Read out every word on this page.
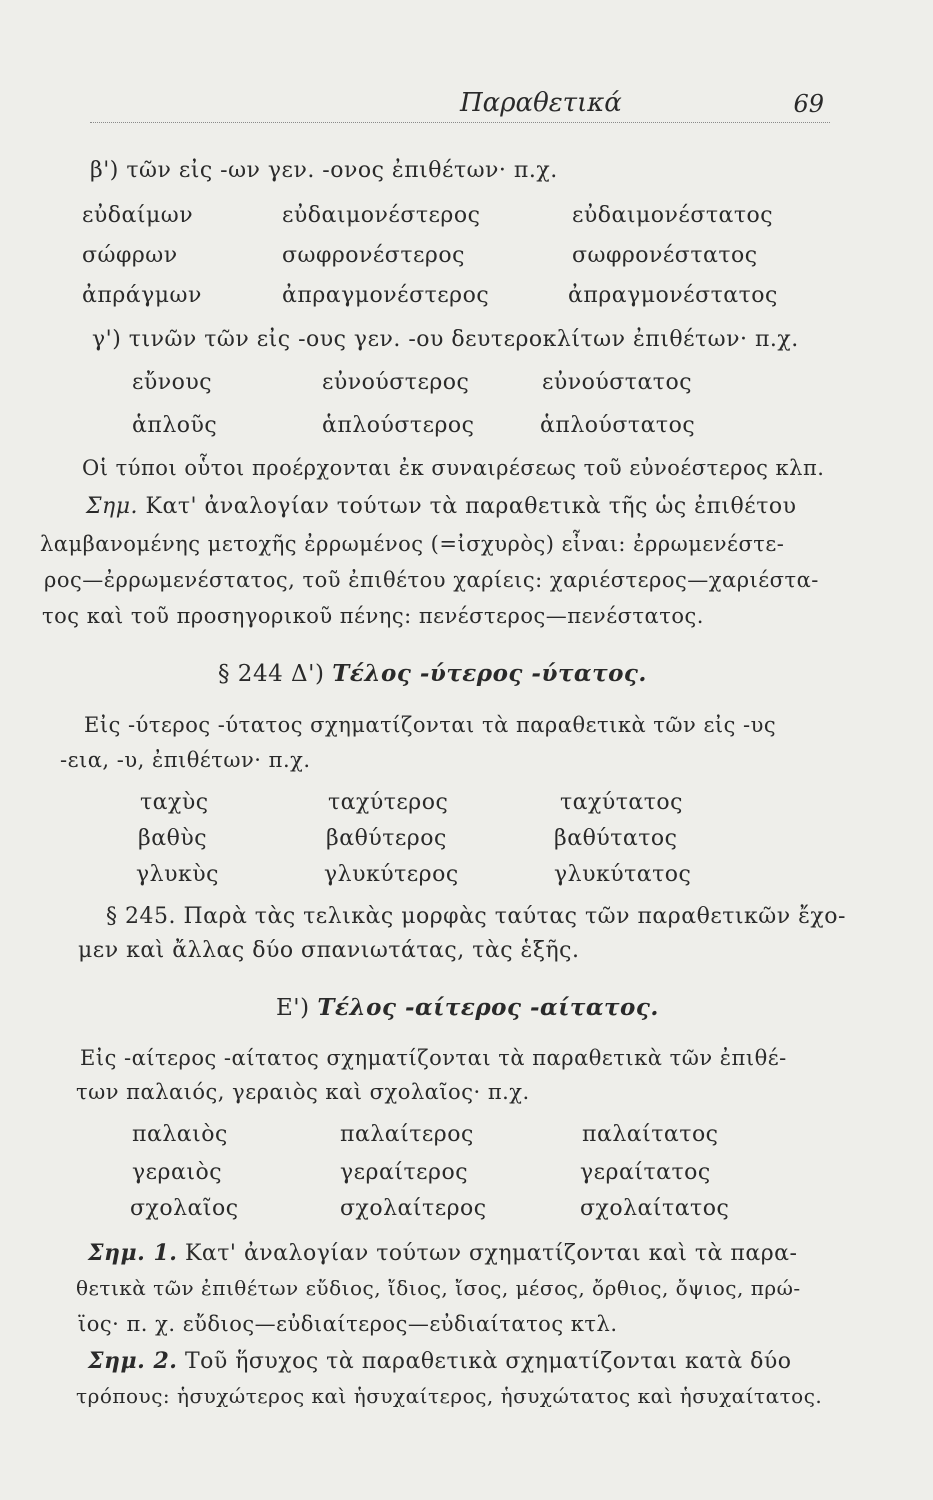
Παραθετικά	69
β') τῶν εἰς -ων γεν. -ονος ἐπιθέτων· π.χ.
εὐδαίμων	εὐδαιμονέστερος	εὐδαιμονέστατος
σώφρων	σωφρονέστερος	σωφρονέστατος
ἀπράγμων	ἀπραγμονέστερος	ἀπραγμονέστατος
γ') τινῶν τῶν εἰς -ους γεν. -ου δευτεροκλίτων ἐπιθέτων· π.χ.
εὔνους	εὐνούστερος	εὐνούστατος
ἁπλοῦς	ἁπλούστερος	ἁπλούστατος
Οἱ τύποι οὗτοι προέρχονται ἐκ συναιρέσεως τοῦ εὐνοέστερος κλπ.
Σημ. Κατ' ἀναλογίαν τούτων τὰ παραθετικὰ τῆς ὡς ἐπιθέτου
λαμβανομένης μετοχῆς ἐρρωμένος (=ἰσχυρὸς) εἶναι: ἐρρωμενέστε-
ρος—ἐρρωμενέστατος, τοῦ ἐπιθέτου χαρίεις: χαριέστερος—χαριέστα-
τος καὶ τοῦ προσηγορικοῦ πένης: πενέστερος—πενέστατος.
§ 244 Δ') Τέλος -ύτερος -ύτατος.
Εἰς -ύτερος -ύτατος σχηματίζονται τὰ παραθετικὰ τῶν εἰς -υς
-εια, -υ, ἐπιθέτων· π.χ.
ταχὺς	ταχύτερος	ταχύτατος
βαθὺς	βαθύτερος	βαθύτατος
γλυκὺς	γλυκύτερος	γλυκύτατος
§ 245. Παρὰ τὰς τελικὰς μορφὰς ταύτας τῶν παραθετικῶν ἔχο-
μεν καὶ ἄλλας δύο σπανιωτάτας, τὰς ἑξῆς.
Ε') Τέλος -αίτερος -αίτατος.
Εἰς -αίτερος -αίτατος σχηματίζονται τὰ παραθετικὰ τῶν ἐπιθέ-
των παλαιός, γεραιὸς καὶ σχολαῖος· π.χ.
παλαιὸς	παλαίτερος	παλαίτατος
γεραιὸς	γεραίτερος	γεραίτατος
σχολαῖος	σχολαίτερος	σχολαίτατος
Σημ. 1. Κατ' ἀναλογίαν τούτων σχηματίζονται καὶ τὰ παρα-
θετικὰ τῶν ἐπιθέτων εὔδιος, ἴδιος, ἴσος, μέσος, ὄρθιος, ὄψιος, πρώ-
ϊος· π. χ. εὔδιος—εὐδιαίτερος—εὐδιαίτατος κτλ.
Σημ. 2. Τοῦ ἥσυχος τὰ παραθετικὰ σχηματίζονται κατὰ δύο
τρόπους: ἡσυχώτερος καὶ ἡσυχαίτερος, ἡσυχώτατος καὶ ἡσυχαίτατος.
